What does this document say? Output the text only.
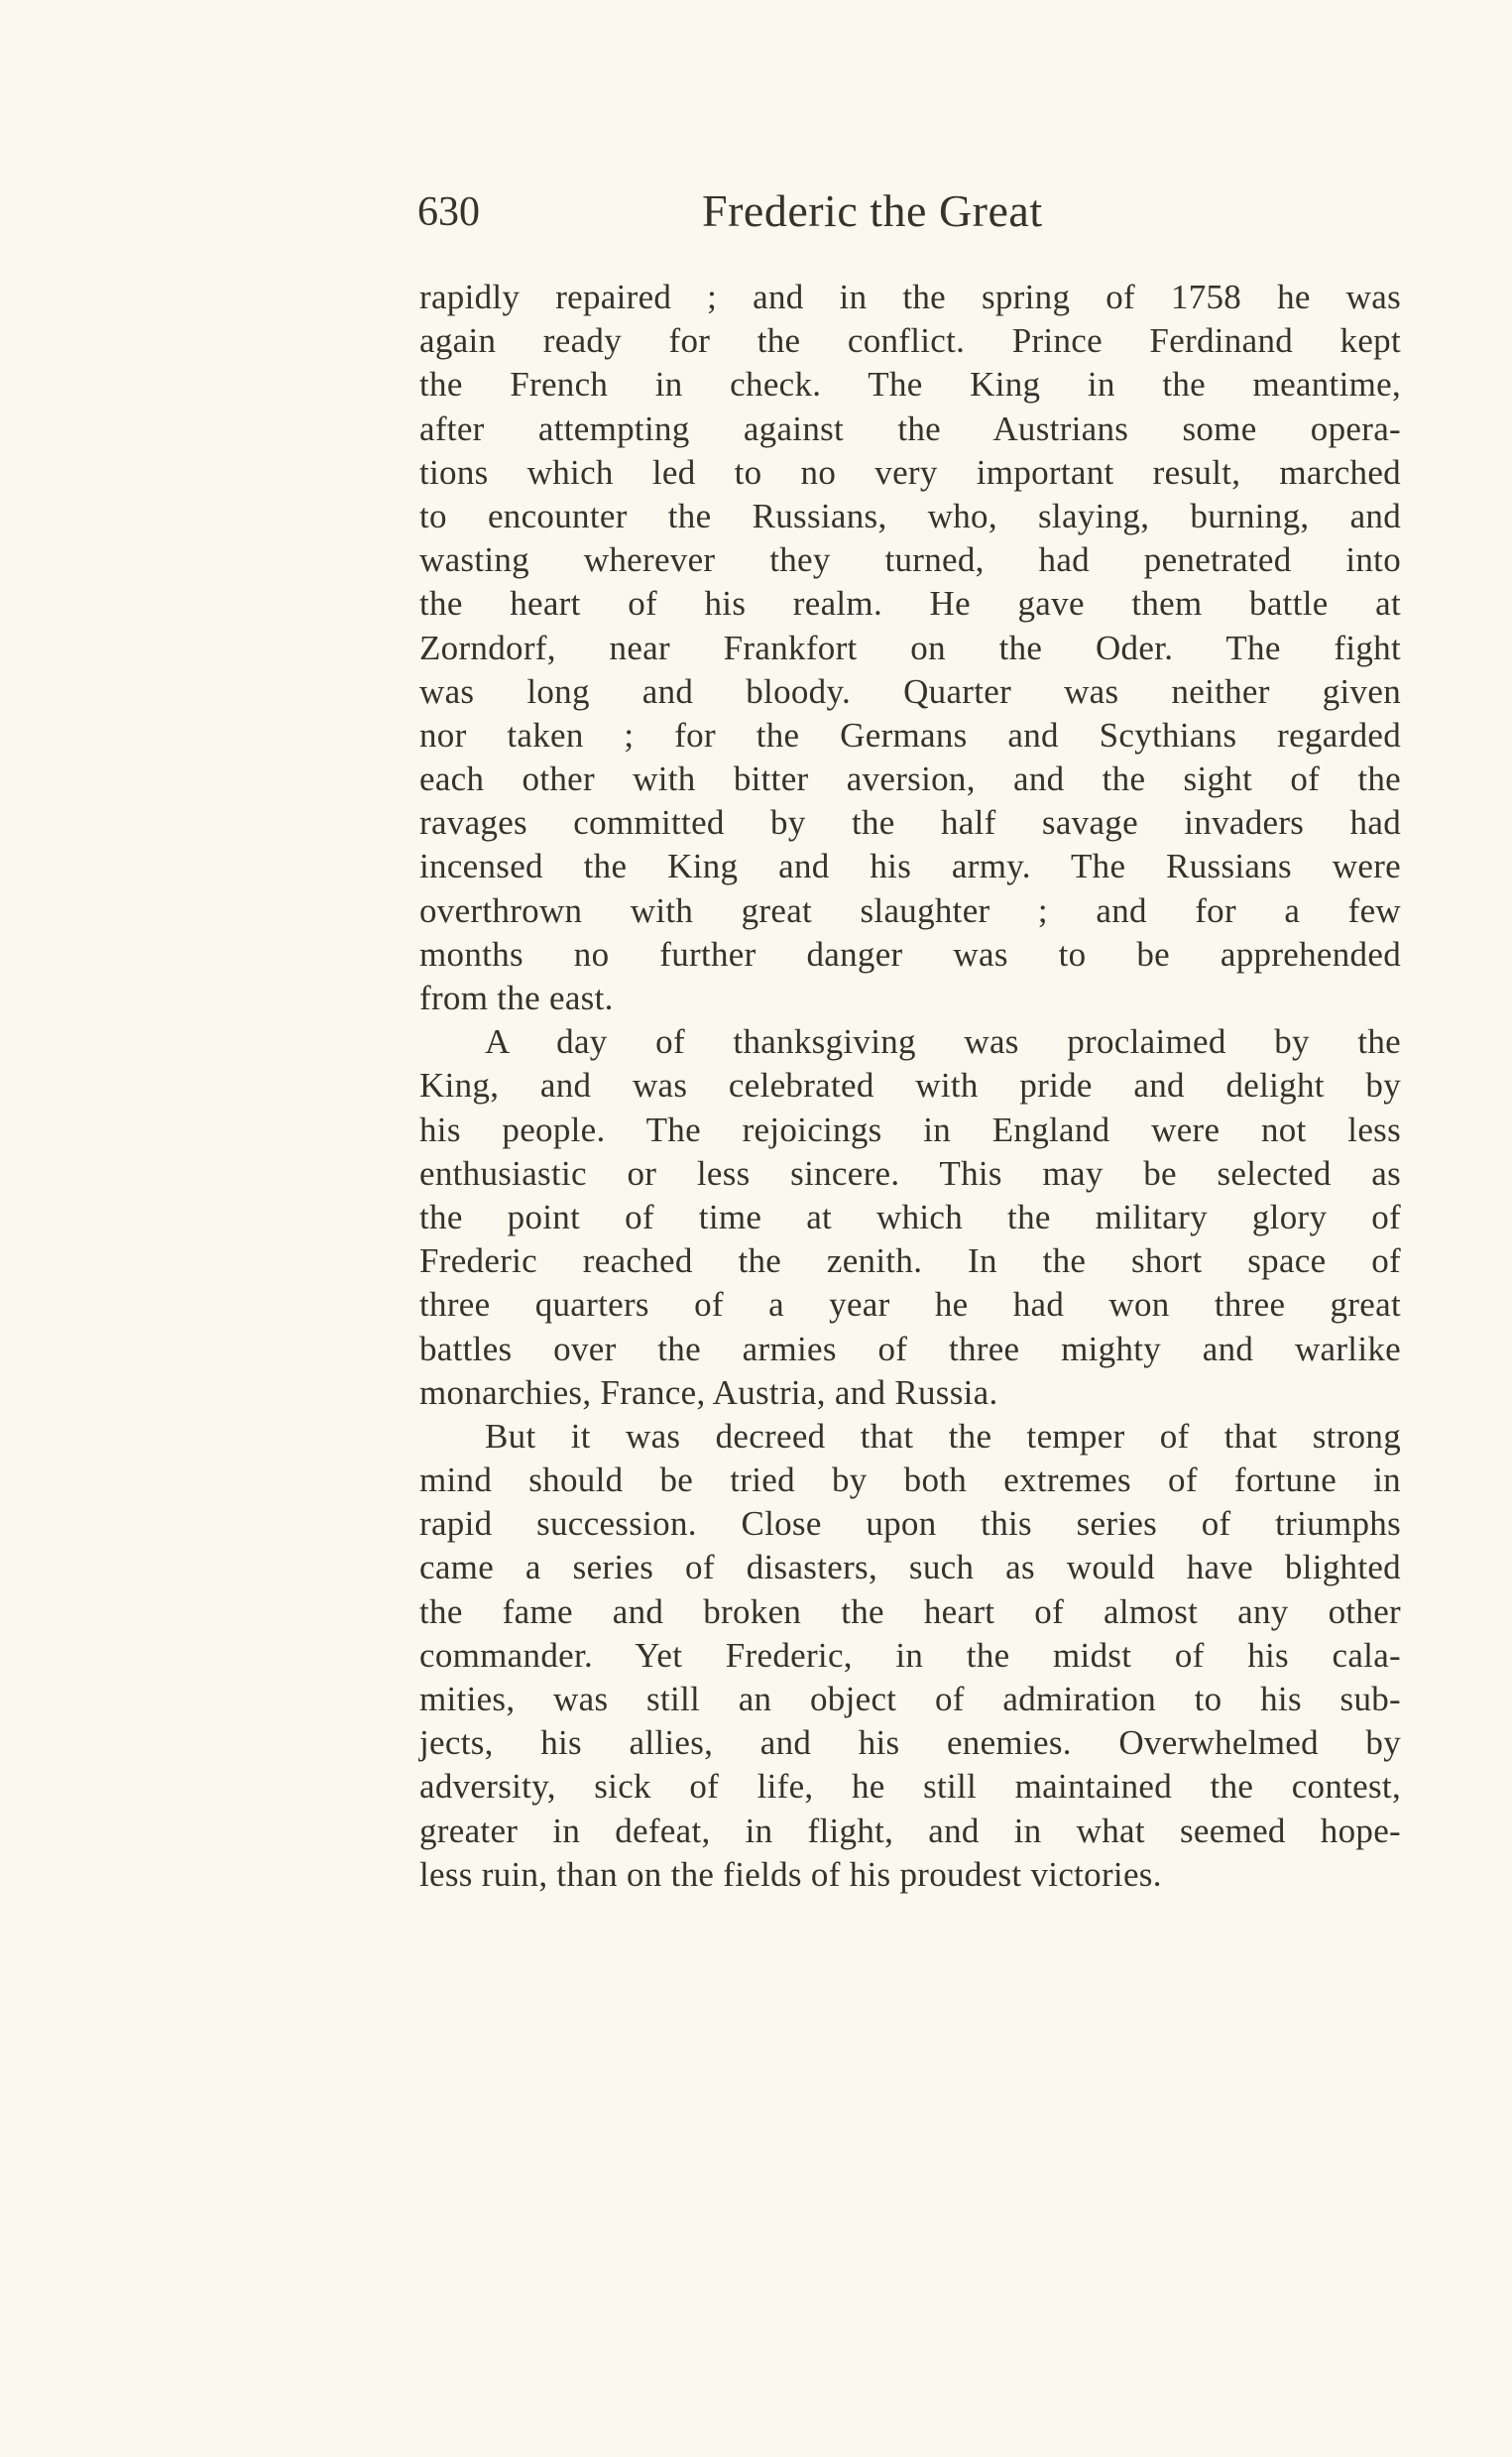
630	Frederic the Great
rapidly repaired ; and in the spring of 1758 he was
again ready for the conflict. Prince Ferdinand kept
the French in check. The King in the meantime,
after attempting against the Austrians some opera-
tions which led to no very important result, marched
to encounter the Russians, who, slaying, burning, and
wasting wherever they turned, had penetrated into
the heart of his realm. He gave them battle at
Zorndorf, near Frankfort on the Oder. The fight
was long and bloody. Quarter was neither given
nor taken ; for the Germans and Scythians regarded
each other with bitter aversion, and the sight of the
ravages committed by the half savage invaders had
incensed the King and his army. The Russians were
overthrown with great slaughter ; and for a few
months no further danger was to be apprehended
from the east.
A day of thanksgiving was proclaimed by the
King, and was celebrated with pride and delight by
his people. The rejoicings in England were not less
enthusiastic or less sincere. This may be selected as
the point of time at which the military glory of
Frederic reached the zenith. In the short space of
three quarters of a year he had won three great
battles over the armies of three mighty and warlike
monarchies, France, Austria, and Russia.
But it was decreed that the temper of that strong
mind should be tried by both extremes of fortune in
rapid succession. Close upon this series of triumphs
came a series of disasters, such as would have blighted
the fame and broken the heart of almost any other
commander. Yet Frederic, in the midst of his cala-
mities, was still an object of admiration to his sub-
jects, his allies, and his enemies. Overwhelmed by
adversity, sick of life, he still maintained the contest,
greater in defeat, in flight, and in what seemed hope-
less ruin, than on the fields of his proudest victories.
